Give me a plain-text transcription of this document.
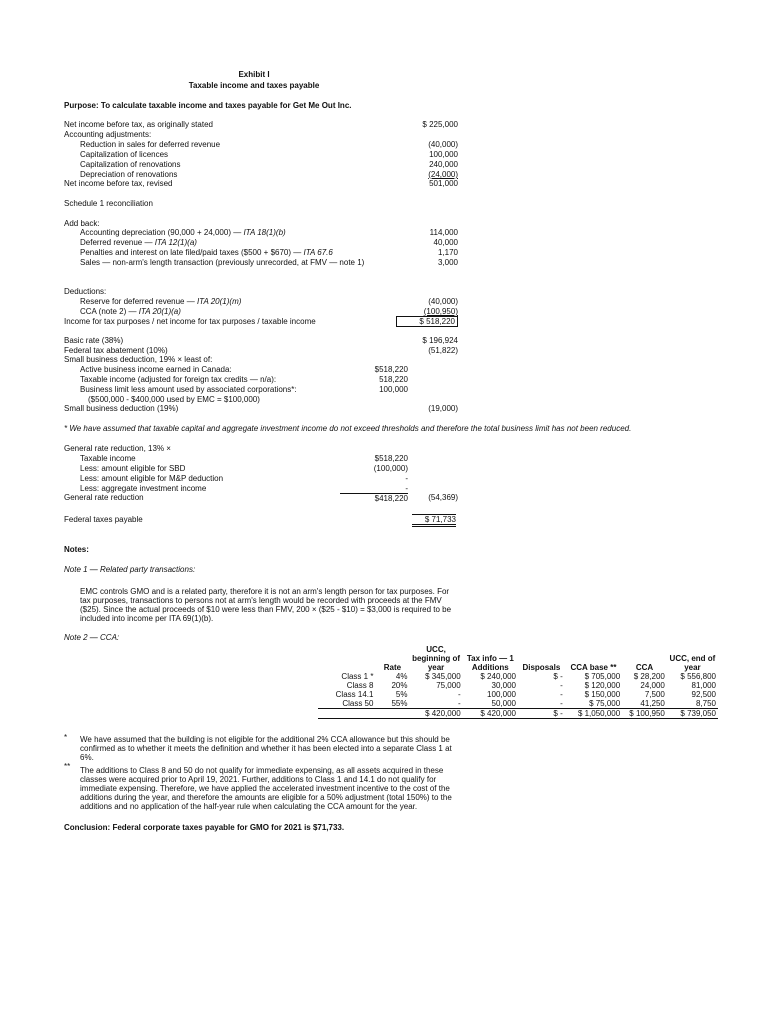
Exhibit I
Taxable income and taxes payable
Purpose: To calculate taxable income and taxes payable for Get Me Out Inc.
Net income before tax, as originally stated	$ 225,000
Accounting adjustments:
Reduction in sales for deferred revenue	(40,000)
Capitalization of licences	100,000
Capitalization of renovations	240,000
Depreciation of renovations	(24,000)
Net income before tax, revised	501,000
Schedule 1 reconciliation
Add back:
Accounting depreciation (90,000 + 24,000) — ITA 18(1)(b)	114,000
Deferred revenue — ITA 12(1)(a)	40,000
Penalties and interest on late filed/paid taxes ($500 + $670) — ITA 67.6	1,170
Sales — non-arm's length transaction (previously unrecorded, at FMV — note 1)	3,000
Deductions:
Reserve for deferred revenue — ITA 20(1)(m)	(40,000)
CCA (note 2) — ITA 20(1)(a)	(100,950)
Income for tax purposes / net income for tax purposes / taxable income	$ 518,220
Basic rate (38%)	$ 196,924
Federal tax abatement (10%)	(51,822)
Small business deduction, 19% × least of:
Active business income earned in Canada:	$518,220
Taxable income (adjusted for foreign tax credits — n/a):	518,220
Business limit less amount used by associated corporations*:	100,000
($500,000 - $400,000 used by EMC = $100,000)
Small business deduction (19%)	(19,000)
* We have assumed that taxable capital and aggregate investment income do not exceed thresholds and therefore the total business limit has not been reduced.
General rate reduction, 13% ×
Taxable income	$518,220
Less: amount eligible for SBD	(100,000)
Less: amount eligible for M&P deduction	-
Less: aggregate investment income	-
General rate reduction	$418,220	(54,369)
Federal taxes payable	$ 71,733
Notes:
Note 1 — Related party transactions:
EMC controls GMO and is a related party, therefore it is not an arm's length person for tax purposes. For tax purposes, transactions to persons not at arm's length would be recorded with proceeds at the FMV ($25). Since the actual proceeds of $10 were less than FMV, 200 × ($25 - $10) = $3,000 is required to be included into income per ITA 69(1)(b).
Note 2 — CCA:
	Rate	UCC, beginning of year	Tax info — 1 Additions	Disposals	CCA base **	CCA	UCC, end of year
Class 1 *	4%	$ 345,000	$ 240,000	$ -	$ 705,000	$ 28,200	$ 556,800
Class 8	20%	75,000	30,000	-	$ 120,000	24,000	81,000
Class 14.1	5%	-	100,000	-	$ 150,000	7,500	92,500
Class 50	55%	-	50,000	-	$ 75,000	41,250	8,750
		$ 420,000	$ 420,000	$ -	$ 1,050,000	$ 100,950	$ 739,050
* We have assumed that the building is not eligible for the additional 2% CCA allowance but this should be confirmed as to whether it meets the definition and whether it has been elected into a separate Class 1 at 6%.
** The additions to Class 8 and 50 do not qualify for immediate expensing, as all assets acquired in these classes were acquired prior to April 19, 2021. Further, additions to Class 1 and 14.1 do not qualify for immediate expensing. Therefore, we have applied the accelerated investment incentive to the cost of the additions during the year, and therefore the amounts are eligible for a 50% adjustment (total 150%) to the additions and no application of the half-year rule when calculating the CCA amount for the year.
Conclusion: Federal corporate taxes payable for GMO for 2021 is $71,733.
